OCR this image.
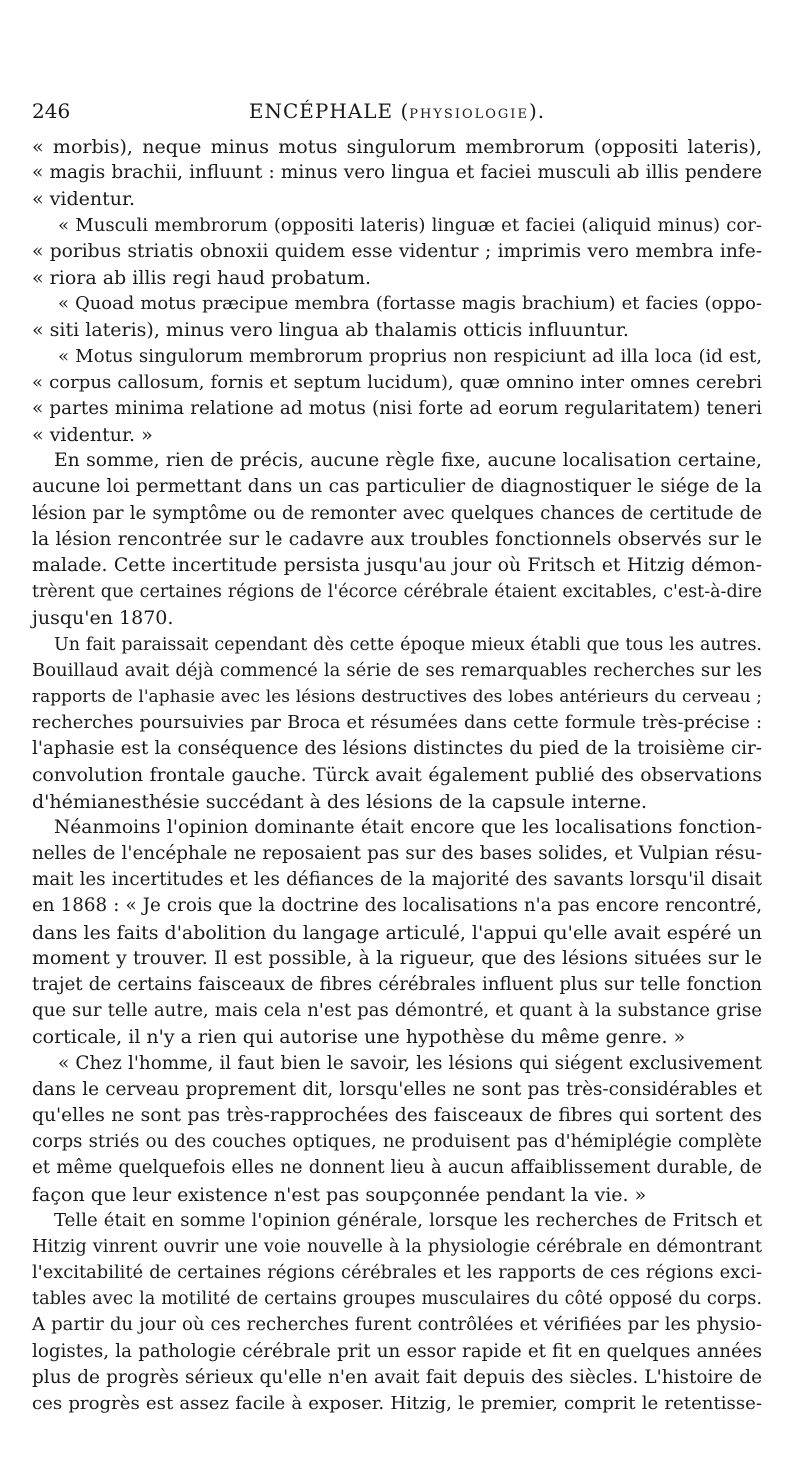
246	ENCÉPHALE (PHYSIOLOGIE).
« morbis), neque minus motus singulorum membrorum (oppositi lateris),
« magis brachii, influunt : minus vero lingua et faciei musculi ab illis pendere
« videntur.
« Musculi membrorum (oppositi lateris) linguæ et faciei (aliquid minus) cor-
« poribus striatis obnoxii quidem esse videntur ; imprimis vero membra infe-
« riora ab illis regi haud probatum.
« Quoad motus præcipue membra (fortasse magis brachium) et facies (oppo-
« siti lateris), minus vero lingua ab thalamis otticis influuntur.
« Motus singulorum membrorum proprius non respiciunt ad illa loca (id est,
« corpus callosum, fornis et septum lucidum), quæ omnino inter omnes cerebri
« partes minima relatione ad motus (nisi forte ad eorum regularitatem) teneri
« videntur. »
En somme, rien de précis, aucune règle fixe, aucune localisation certaine,
aucune loi permettant dans un cas particulier de diagnostiquer le siége de la
lésion par le symptôme ou de remonter avec quelques chances de certitude de
la lésion rencontrée sur le cadavre aux troubles fonctionnels observés sur le
malade. Cette incertitude persista jusqu'au jour où Fritsch et Hitzig démon-
trèrent que certaines régions de l'écorce cérébrale étaient excitables, c'est-à-dire
jusqu'en 1870.
Un fait paraissait cependant dès cette époque mieux établi que tous les autres.
Bouillaud avait déjà commencé la série de ses remarquables recherches sur les
rapports de l'aphasie avec les lésions destructives des lobes antérieurs du cerveau ;
recherches poursuivies par Broca et résumées dans cette formule très-précise :
l'aphasie est la conséquence des lésions distinctes du pied de la troisième cir-
convolution frontale gauche. Türck avait également publié des observations
d'hémianesthésie succédant à des lésions de la capsule interne.
Néanmoins l'opinion dominante était encore que les localisations fonction-
nelles de l'encéphale ne reposaient pas sur des bases solides, et Vulpian résu-
mait les incertitudes et les défiances de la majorité des savants lorsqu'il disait
en 1868 : « Je crois que la doctrine des localisations n'a pas encore rencontré,
dans les faits d'abolition du langage articulé, l'appui qu'elle avait espéré un
moment y trouver. Il est possible, à la rigueur, que des lésions situées sur le
trajet de certains faisceaux de fibres cérébrales influent plus sur telle fonction
que sur telle autre, mais cela n'est pas démontré, et quant à la substance grise
corticale, il n'y a rien qui autorise une hypothèse du même genre. »
« Chez l'homme, il faut bien le savoir, les lésions qui siégent exclusivement
dans le cerveau proprement dit, lorsqu'elles ne sont pas très-considérables et
qu'elles ne sont pas très-rapprochées des faisceaux de fibres qui sortent des
corps striés ou des couches optiques, ne produisent pas d'hémiplégie complète
et même quelquefois elles ne donnent lieu à aucun affaiblissement durable, de
façon que leur existence n'est pas soupçonnée pendant la vie. »
Telle était en somme l'opinion générale, lorsque les recherches de Fritsch et
Hitzig vinrent ouvrir une voie nouvelle à la physiologie cérébrale en démontrant
l'excitabilité de certaines régions cérébrales et les rapports de ces régions exci-
tables avec la motilité de certains groupes musculaires du côté opposé du corps.
A partir du jour où ces recherches furent contrôlées et vérifiées par les physio-
logistes, la pathologie cérébrale prit un essor rapide et fit en quelques années
plus de progrès sérieux qu'elle n'en avait fait depuis des siècles. L'histoire de
ces progrès est assez facile à exposer. Hitzig, le premier, comprit le retentisse-
